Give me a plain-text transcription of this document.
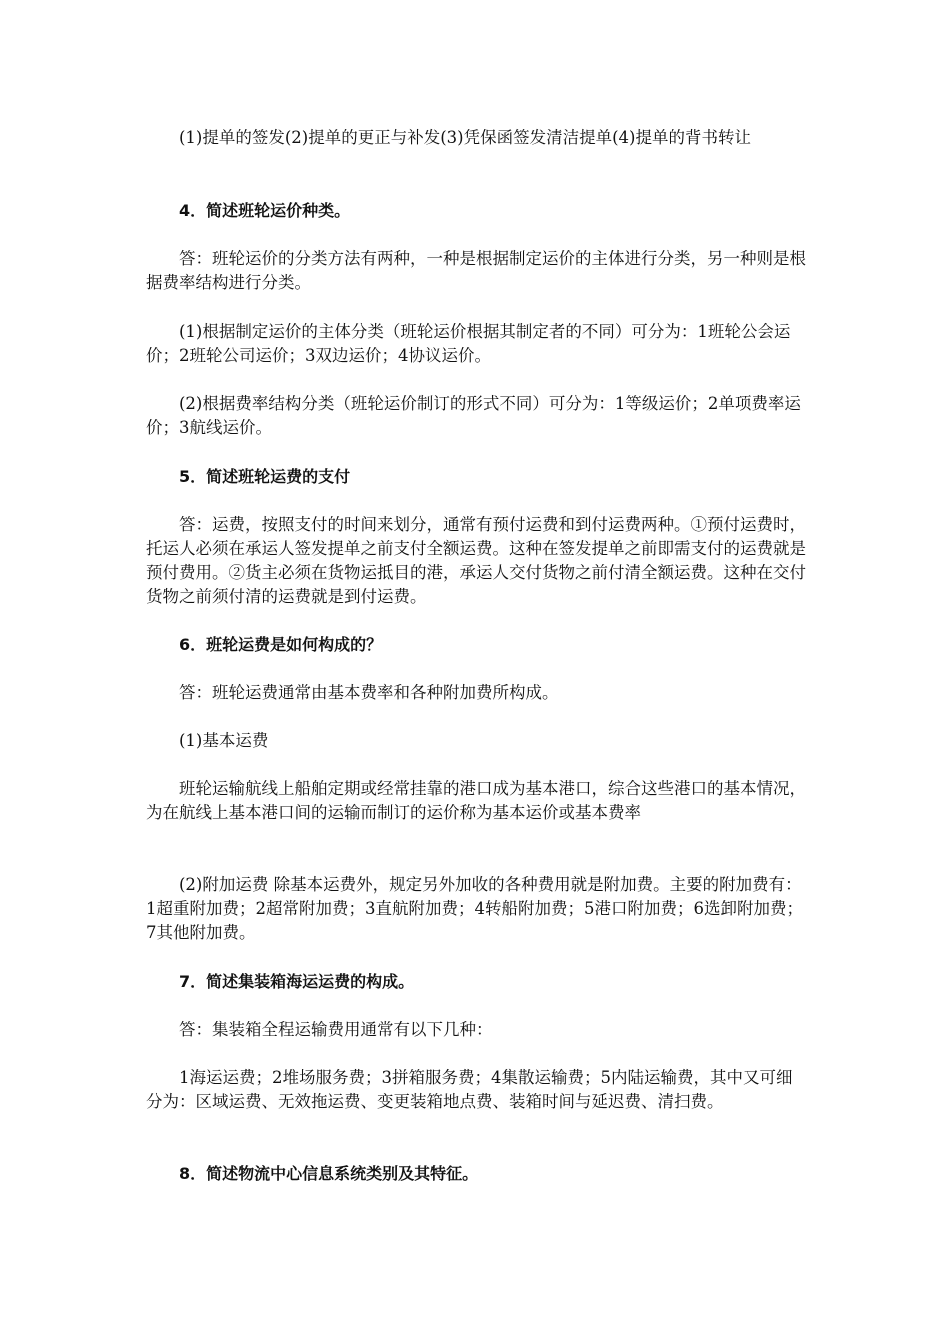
(1)提单的签发(2)提单的更正与补发(3)凭保函签发清洁提单(4)提单的背书转让

4．简述班轮运价种类。

答：班轮运价的分类方法有两种，一种是根据制定运价的主体进行分类，另一种则是根据费率结构进行分类。

(1)根据制定运价的主体分类（班轮运价根据其制定者的不同）可分为：1班轮公会运价；2班轮公司运价；3双边运价；4协议运价。

(2)根据费率结构分类（班轮运价制订的形式不同）可分为：1等级运价；2单项费率运价；3航线运价。

5．简述班轮运费的支付

答：运费，按照支付的时间来划分，通常有预付运费和到付运费两种。①预付运费时，托运人必须在承运人签发提单之前支付全额运费。这种在签发提单之前即需支付的运费就是预付费用。②货主必须在货物运抵目的港，承运人交付货物之前付清全额运费。这种在交付货物之前须付清的运费就是到付运费。

6．班轮运费是如何构成的？

答：班轮运费通常由基本费率和各种附加费所构成。

(1)基本运费

班轮运输航线上船舶定期或经常挂靠的港口成为基本港口，综合这些港口的基本情况，为在航线上基本港口间的运输而制订的运价称为基本运价或基本费率

(2)附加运费 除基本运费外，规定另外加收的各种费用就是附加费。主要的附加费有：1超重附加费；2超常附加费；3直航附加费；4转船附加费；5港口附加费；6选卸附加费；7其他附加费。

7．简述集装箱海运运费的构成。

答：集装箱全程运输费用通常有以下几种：

1海运运费；2堆场服务费；3拼箱服务费；4集散运输费；5内陆运输费，其中又可细分为：区域运费、无效拖运费、变更装箱地点费、装箱时间与延迟费、清扫费。

8．简述物流中心信息系统类别及其特征。
